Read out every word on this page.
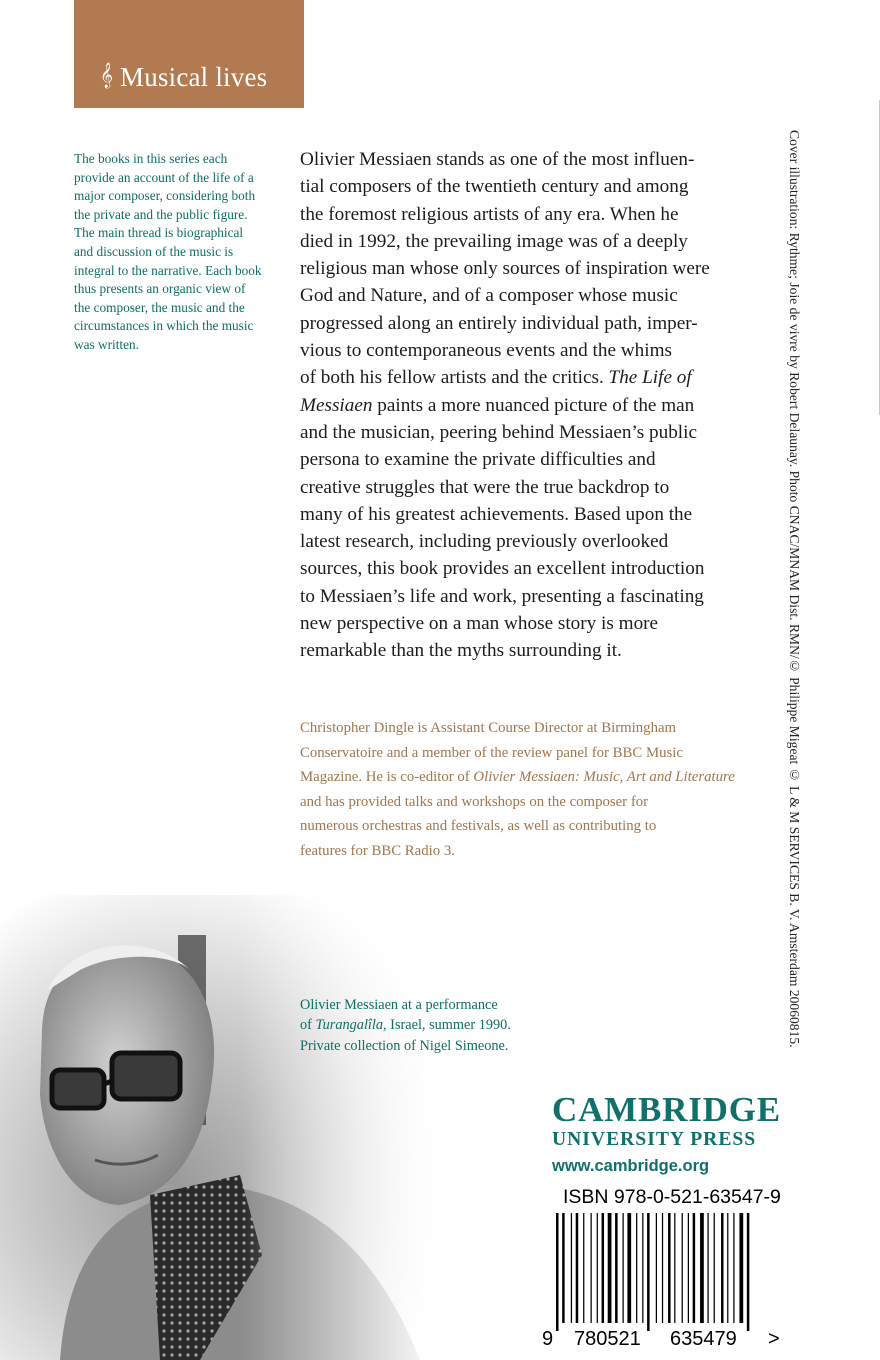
𝄞 Musical lives
The books in this series each provide an account of the life of a major composer, considering both the private and the public figure. The main thread is biographical and discussion of the music is integral to the narrative. Each book thus presents an organic view of the composer, the music and the circumstances in which the music was written.
Olivier Messiaen stands as one of the most influen-
tial composers of the twentieth century and among
the foremost religious artists of any era. When he
died in 1992, the prevailing image was of a deeply
religious man whose only sources of inspiration were
God and Nature, and of a composer whose music
progressed along an entirely individual path, imper-
vious to contemporaneous events and the whims
of both his fellow artists and the critics. The Life of
Messiaen paints a more nuanced picture of the man
and the musician, peering behind Messiaen’s public
persona to examine the private difficulties and
creative struggles that were the true backdrop to
many of his greatest achievements. Based upon the
latest research, including previously overlooked
sources, this book provides an excellent introduction
to Messiaen’s life and work, presenting a fascinating
new perspective on a man whose story is more
remarkable than the myths surrounding it.
Christopher Dingle is Assistant Course Director at Birmingham
Conservatoire and a member of the review panel for BBC Music
Magazine. He is co-editor of Olivier Messiaen: Music, Art and Literature
and has provided talks and workshops on the composer for
numerous orchestras and festivals, as well as contributing to
features for BBC Radio 3.
Olivier Messiaen at a performance
of Turangalîla, Israel, summer 1990.
Private collection of Nigel Simeone.	Cover illustration: Rythme; Joie de vivre by Robert Delaunay. Photo CNAC/MNAM Dist. RMN/© Philippe Migeat © L & M SERVICES B. V. Amsterdam 20060815.
CAMBRIDGE
UNIVERSITY PRESS
www.cambridge.org
ISBN 978-0-521-63547-9
9 780521 635479 >
